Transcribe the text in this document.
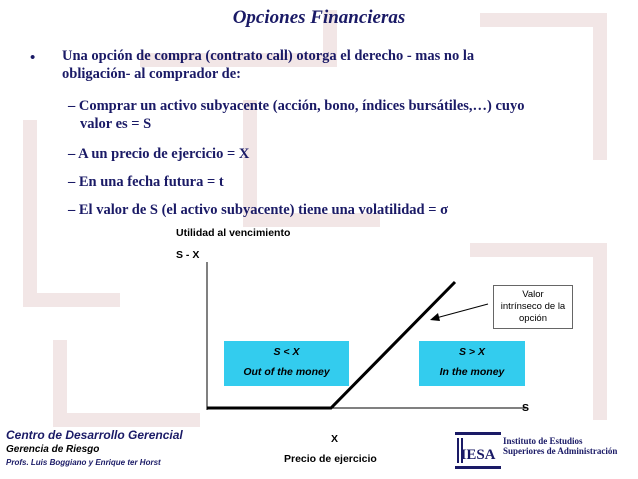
Opciones Financieras
• Una opción de compra (contrato call) otorga el derecho - mas no la
obligación- al comprador de:
– Comprar un activo subyacente (acción, bono, índices bursátiles,…) cuyo
valor es = S
– A un precio de ejercicio = X
– En una fecha futura = t
– El valor de S (el activo subyacente) tiene una volatilidad = σ
Utilidad al vencimiento
S - X
S
X
Precio de ejercicio
S < X
Out of the money
S > X
In the money
Valor
intrínseco de la
opción
Centro de Desarrollo Gerencial
Gerencia de Riesgo
Profs. Luis Boggiano y Enrique ter Horst	IESA
Instituto de Estudios
Superiores de Administración
